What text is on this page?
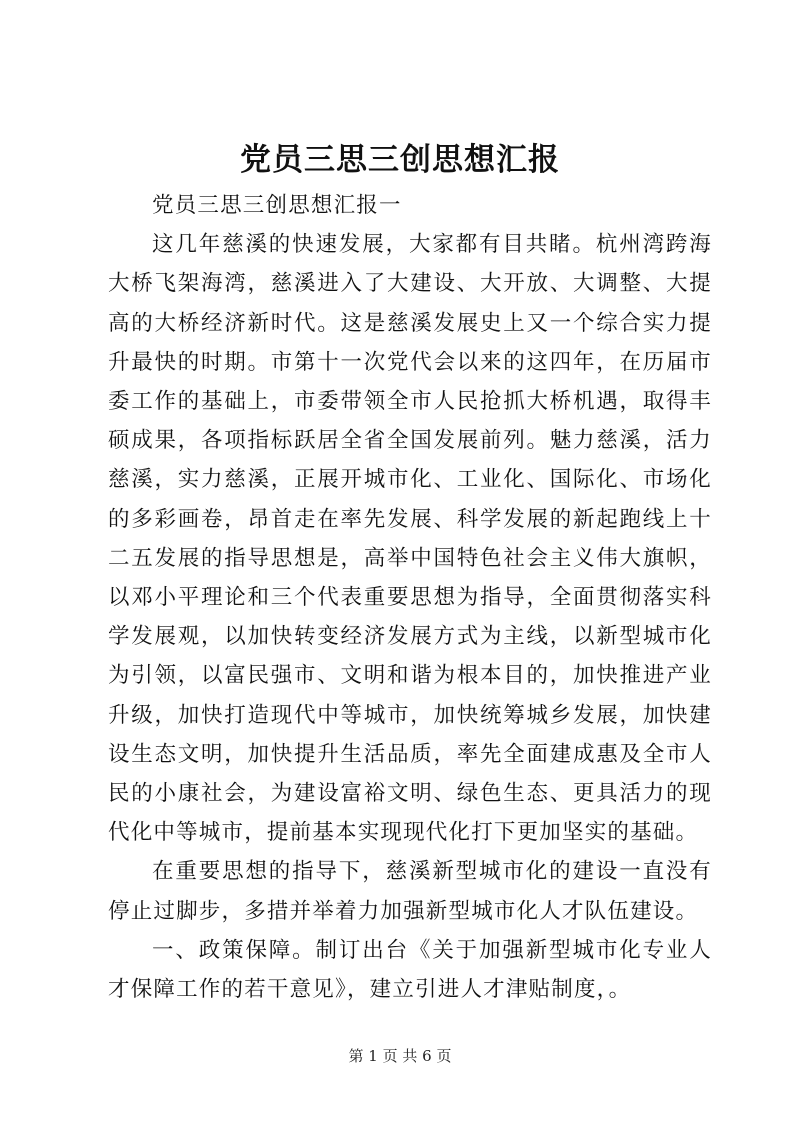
党员三思三创思想汇报

党员三思三创思想汇报一

这几年慈溪的快速发展，大家都有目共睹。杭州湾跨海大桥飞架海湾，慈溪进入了大建设、大开放、大调整、大提高的大桥经济新时代。这是慈溪发展史上又一个综合实力提升最快的时期。市第十一次党代会以来的这四年，在历届市委工作的基础上，市委带领全市人民抢抓大桥机遇，取得丰硕成果，各项指标跃居全省全国发展前列。魅力慈溪，活力慈溪，实力慈溪，正展开城市化、工业化、国际化、市场化的多彩画卷，昂首走在率先发展、科学发展的新起跑线上十二五发展的指导思想是，高举中国特色社会主义伟大旗帜，以邓小平理论和三个代表重要思想为指导，全面贯彻落实科学发展观，以加快转变经济发展方式为主线，以新型城市化为引领，以富民强市、文明和谐为根本目的，加快推进产业升级，加快打造现代中等城市，加快统筹城乡发展，加快建设生态文明，加快提升生活品质，率先全面建成惠及全市人民的小康社会，为建设富裕文明、绿色生态、更具活力的现代化中等城市，提前基本实现现代化打下更加坚实的基础。

在重要思想的指导下，慈溪新型城市化的建设一直没有停止过脚步，多措并举着力加强新型城市化人才队伍建设。

一、政策保障。制订出台《关于加强新型城市化专业人才保障工作的若干意见》，建立引进人才津贴制度，。

第 1 页 共 6 页
